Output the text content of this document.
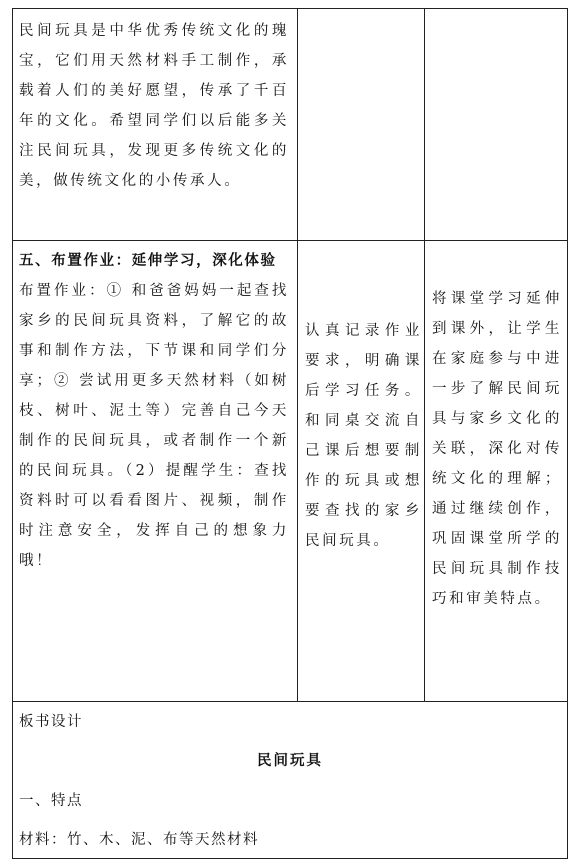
民间玩具是中华优秀传统文化的瑰宝，它们用天然材料手工制作，承载着人们的美好愿望，传承了千百年的文化。希望同学们以后能多关注民间玩具，发现更多传统文化的美，做传统文化的小传承人。

五、布置作业：延伸学习，深化体验

布置作业：① 和爸爸妈妈一起查找家乡的民间玩具资料，了解它的故事和制作方法，下节课和同学们分享；② 尝试用更多天然材料（如树枝、树叶、泥土等）完善自己今天制作的民间玩具，或者制作一个新的民间玩具。（2）提醒学生：查找资料时可以看看图片、视频，制作时注意安全，发挥自己的想象力哦！

认真记录作业要求，明确课后学习任务。和同桌交流自己课后想要制作的玩具或想要查找的家乡民间玩具。

将课堂学习延伸到课外，让学生在家庭参与中进一步了解民间玩具与家乡文化的关联，深化对传统文化的理解；通过继续创作，巩固课堂所学的民间玩具制作技巧和审美特点。

板书设计
民间玩具
一、特点
材料：竹、木、泥、布等天然材料
